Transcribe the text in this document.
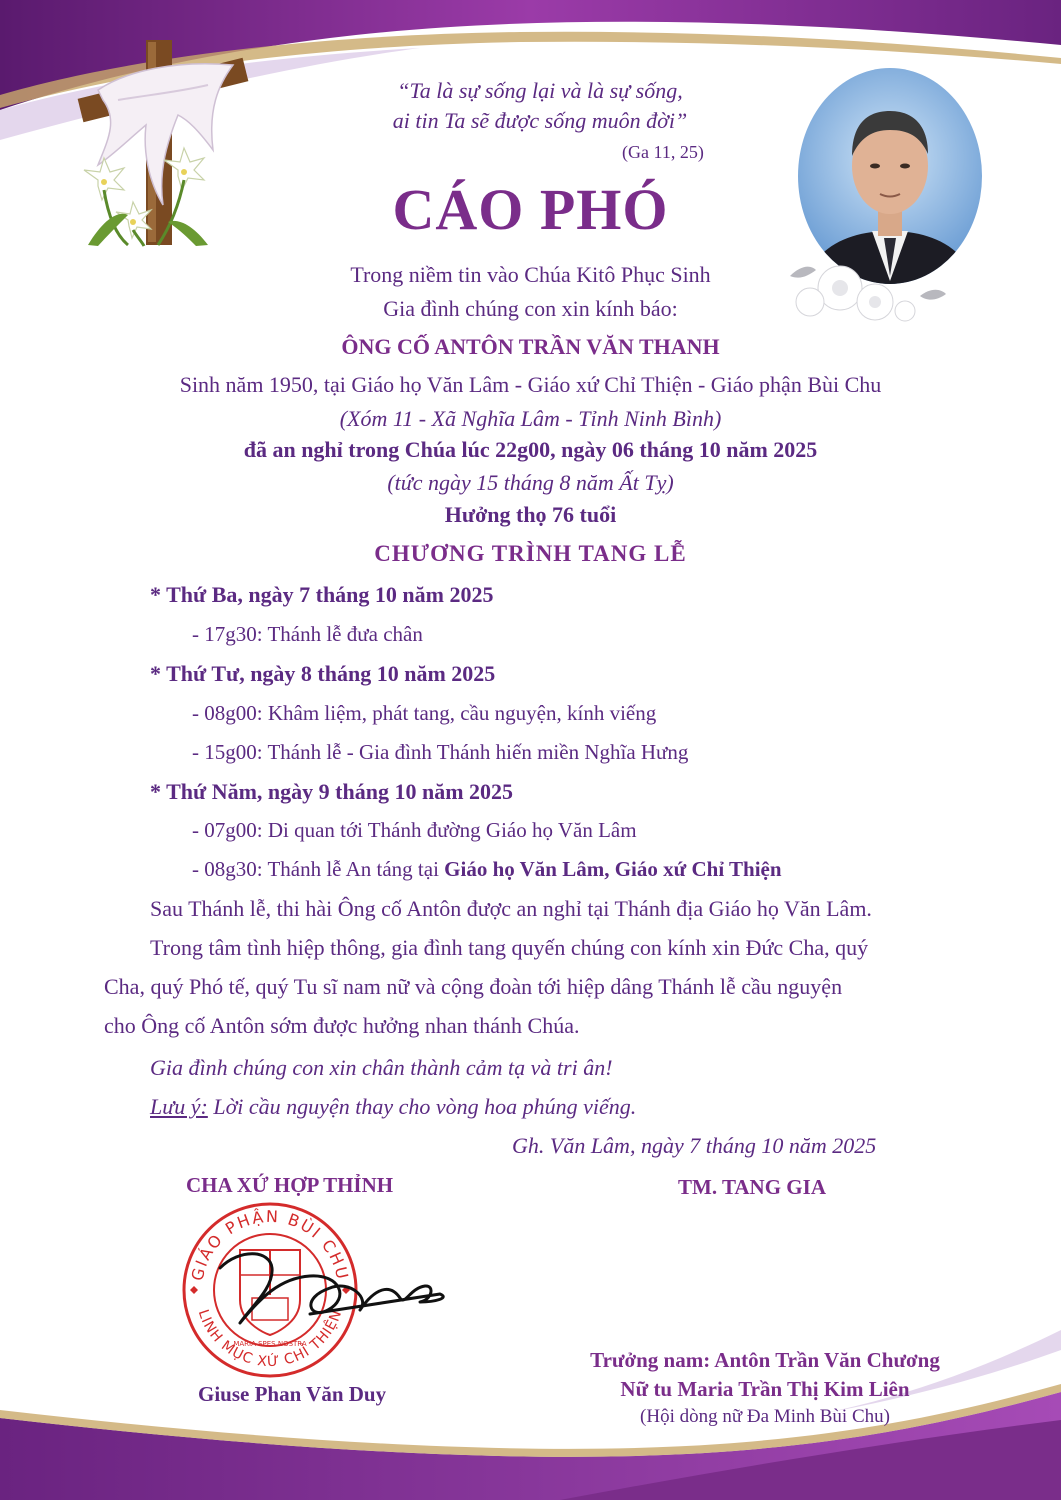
“Ta là sự sống lại và là sự sống,
ai tin Ta sẽ được sống muôn đời”
(Ga 11, 25)
CÁO PHÓ
Trong niềm tin vào Chúa Kitô Phục Sinh
Gia đình chúng con xin kính báo:
ÔNG CỐ ANTÔN TRẦN VĂN THANH
Sinh năm 1950, tại Giáo họ Văn Lâm - Giáo xứ Chỉ Thiện - Giáo phận Bùi Chu
(Xóm 11 - Xã Nghĩa Lâm - Tỉnh Ninh Bình)
đã an nghỉ trong Chúa lúc 22g00, ngày 06 tháng 10 năm 2025
(tức ngày 15 tháng 8 năm Ất Tỵ)
Hưởng thọ 76 tuổi
CHƯƠNG TRÌNH TANG LỄ
* Thứ Ba, ngày 7 tháng 10 năm 2025
- 17g30: Thánh lễ đưa chân
* Thứ Tư, ngày 8 tháng 10 năm 2025
- 08g00: Khâm liệm, phát tang, cầu nguyện, kính viếng
- 15g00: Thánh lễ - Gia đình Thánh hiến miền Nghĩa Hưng
* Thứ Năm, ngày 9 tháng 10 năm 2025
- 07g00: Di quan tới Thánh đường Giáo họ Văn Lâm
- 08g30: Thánh lễ An táng tại Giáo họ Văn Lâm, Giáo xứ Chỉ Thiện
Sau Thánh lễ, thi hài Ông cố Antôn được an nghỉ tại Thánh địa Giáo họ Văn Lâm.
Trong tâm tình hiệp thông, gia đình tang quyến chúng con kính xin Đức Cha, quý
Cha, quý Phó tế, quý Tu sĩ nam nữ và cộng đoàn tới hiệp dâng Thánh lễ cầu nguyện
cho Ông cố Antôn sớm được hưởng nhan thánh Chúa.
Gia đình chúng con xin chân thành cảm tạ và tri ân!
Lưu ý: Lời cầu nguyện thay cho vòng hoa phúng viếng.
Gh. Văn Lâm, ngày 7 tháng 10 năm 2025
CHA XỨ HỢP THỈNH	TM. TANG GIA
GIÁO PHẬN BÙI CHU
LINH MỤC XỨ CHỈ THIỆN
MARIA SPES NOSTRA
Giuse Phan Văn Duy
Trưởng nam: Antôn Trần Văn Chương
Nữ tu Maria Trần Thị Kim Liên
(Hội dòng nữ Đa Minh Bùi Chu)
